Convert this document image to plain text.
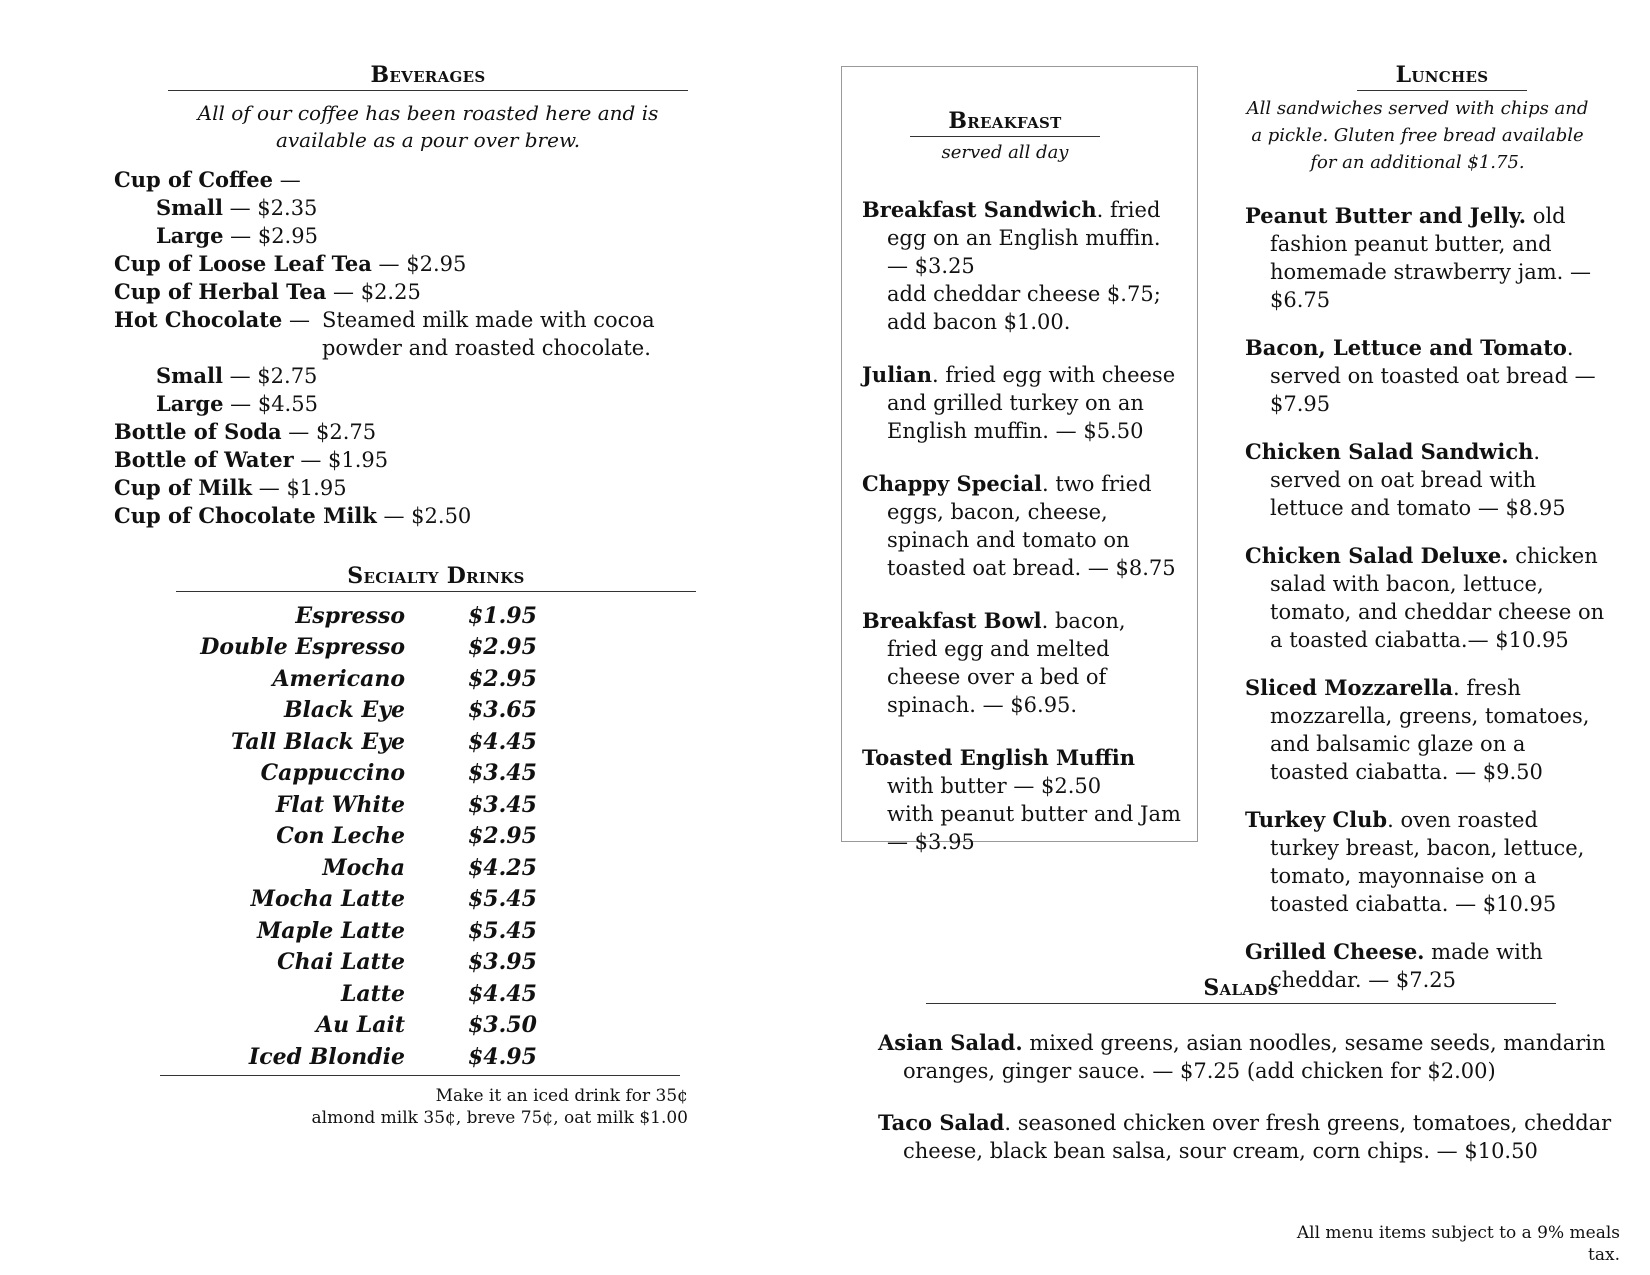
Beverages
All of our coffee has been roasted here and is available as a pour over brew.
Cup of Coffee —
Small — $2.35
Large — $2.95
Cup of Loose Leaf Tea — $2.95
Cup of Herbal Tea — $2.25
Hot Chocolate — Steamed milk made with cocoa powder and roasted chocolate.
Small — $2.75
Large — $4.55
Bottle of Soda — $2.75
Bottle of Water — $1.95
Cup of Milk — $1.95
Cup of Chocolate Milk — $2.50
Secialty Drinks
Espresso	$1.95
Double Espresso	$2.95
Americano	$2.95
Black Eye	$3.65
Tall Black Eye	$4.45
Cappuccino	$3.45
Flat White	$3.45
Con Leche	$2.95
Mocha	$4.25
Mocha Latte	$5.45
Maple Latte	$5.45
Chai Latte	$3.95
Latte	$4.45
Au Lait	$3.50
Iced Blondie	$4.95
Make it an iced drink for 35¢
almond milk 35¢, breve 75¢, oat milk $1.00
Breakfast
served all day
Breakfast Sandwich. fried egg on an English muffin. — $3.25
add cheddar cheese $.75;
add bacon $1.00.
Julian. fried egg with cheese and grilled turkey on an English muffin. — $5.50
Chappy Special. two fried eggs, bacon, cheese, spinach and tomato on toasted oat bread. — $8.75
Breakfast Bowl. bacon, fried egg and melted cheese over a bed of spinach. — $6.95.
Toasted English Muffin
with butter — $2.50
with peanut butter and Jam — $3.95
Lunches
All sandwiches served with chips and a pickle. Gluten free bread available for an additional $1.75.
Peanut Butter and Jelly. old fashion peanut butter, and homemade strawberry jam. — $6.75
Bacon, Lettuce and Tomato. served on toasted oat bread — $7.95
Chicken Salad Sandwich. served on oat bread with lettuce and tomato — $8.95
Chicken Salad Deluxe. chicken salad with bacon, lettuce, tomato, and cheddar cheese on a toasted ciabatta.— $10.95
Sliced Mozzarella. fresh mozzarella, greens, tomatoes, and balsamic glaze on a toasted ciabatta. — $9.50
Turkey Club. oven roasted turkey breast, bacon, lettuce, tomato, mayonnaise on a toasted ciabatta. — $10.95
Grilled Cheese. made with cheddar. — $7.25
Salads
Asian Salad. mixed greens, asian noodles, sesame seeds, mandarin oranges, ginger sauce. — $7.25 (add chicken for $2.00)
Taco Salad. seasoned chicken over fresh greens, tomatoes, cheddar cheese, black bean salsa, sour cream, corn chips. — $10.50
All menu items subject to a 9% meals tax.
